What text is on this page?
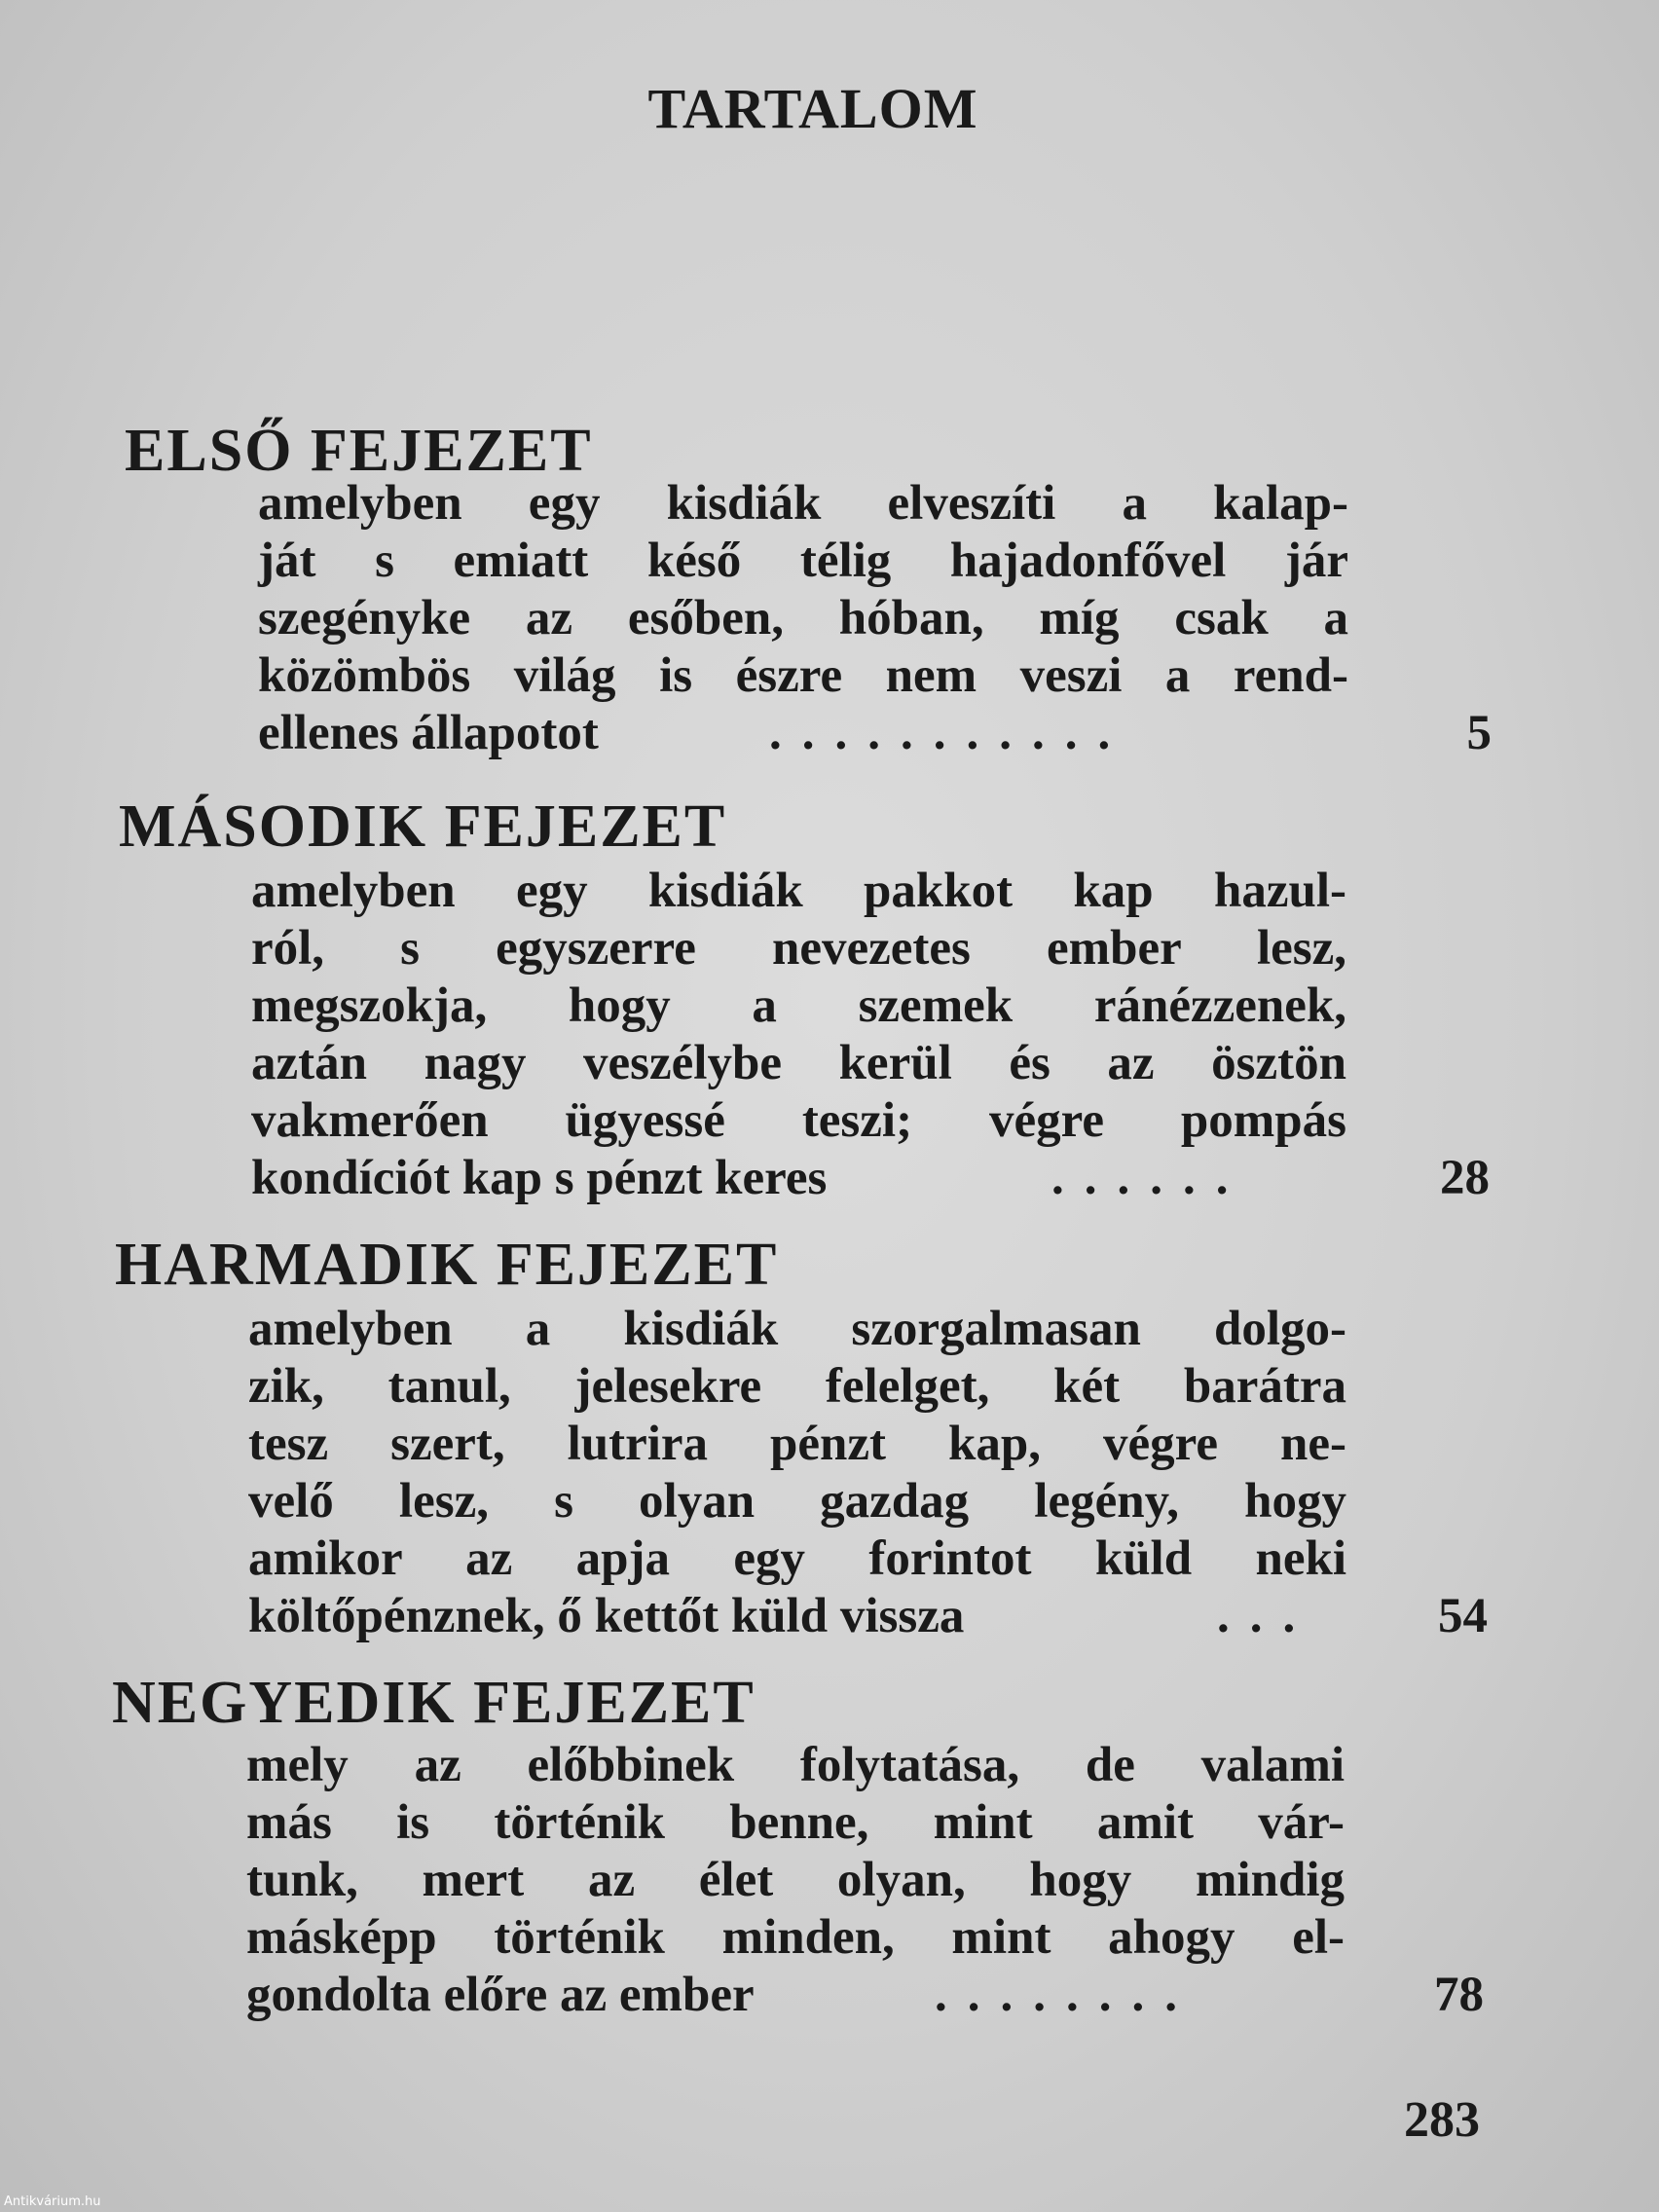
TARTALOM
ELSŐ FEJEZET
amelyben egy kisdiák elveszíti a kalap-
ját s emiatt késő télig hajadonfővel jár
szegényke az esőben, hóban, míg csak a
közömbös világ is észre nem veszi a rend-
ellenes állapotot	...........	5
MÁSODIK FEJEZET
amelyben egy kisdiák pakkot kap hazul-
ról, s egyszerre nevezetes ember lesz,
megszokja, hogy a szemek ránézzenek,
aztán nagy veszélybe kerül és az ösztön
vakmerően ügyessé teszi; végre pompás
kondíciót kap s pénzt keres	......	28
HARMADIK FEJEZET
amelyben a kisdiák szorgalmasan dolgo-
zik, tanul, jelesekre felelget, két barátra
tesz szert, lutrira pénzt kap, végre ne-
velő lesz, s olyan gazdag legény, hogy
amikor az apja egy forintot küld neki
költőpénznek, ő kettőt küld vissza	...	54
NEGYEDIK FEJEZET
mely az előbbinek folytatása, de valami
más is történik benne, mint amit vár-
tunk, mert az élet olyan, hogy mindig
másképp történik minden, mint ahogy el-
gondolta előre az ember	........	78
283
Antikvárium.hu
